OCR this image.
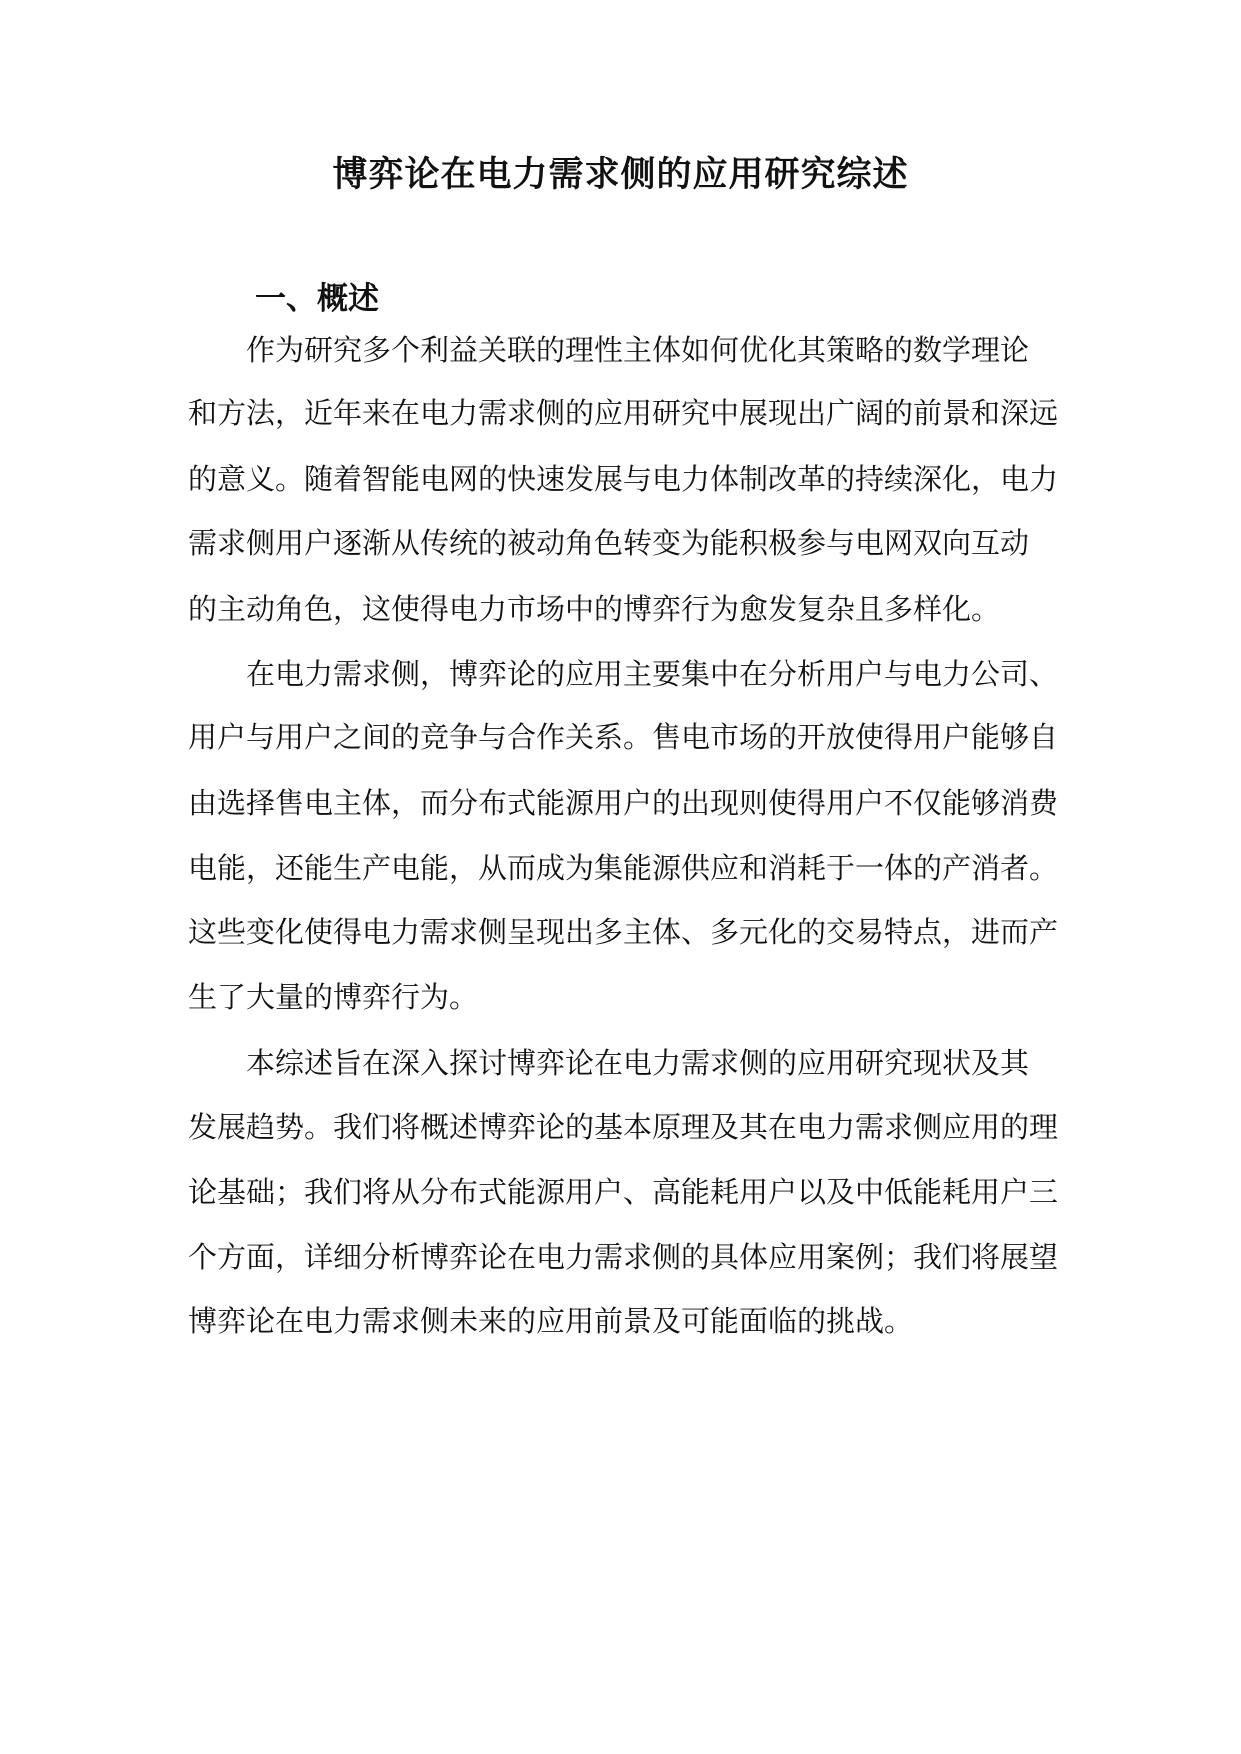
博弈论在电力需求侧的应用研究综述
一、概述

作为研究多个利益关联的理性主体如何优化其策略的数学理论

和方法，近年来在电力需求侧的应用研究中展现出广阔的前景和深远

的意义。随着智能电网的快速发展与电力体制改革的持续深化，电力

需求侧用户逐渐从传统的被动角色转变为能积极参与电网双向互动

的主动角色，这使得电力市场中的博弈行为愈发复杂且多样化。

在电力需求侧，博弈论的应用主要集中在分析用户与电力公司、

用户与用户之间的竞争与合作关系。售电市场的开放使得用户能够自

由选择售电主体，而分布式能源用户的出现则使得用户不仅能够消费

电能，还能生产电能，从而成为集能源供应和消耗于一体的产消者。

这些变化使得电力需求侧呈现出多主体、多元化的交易特点，进而产

生了大量的博弈行为。

本综述旨在深入探讨博弈论在电力需求侧的应用研究现状及其

发展趋势。我们将概述博弈论的基本原理及其在电力需求侧应用的理

论基础；我们将从分布式能源用户、高能耗用户以及中低能耗用户三

个方面，详细分析博弈论在电力需求侧的具体应用案例；我们将展望

博弈论在电力需求侧未来的应用前景及可能面临的挑战。
